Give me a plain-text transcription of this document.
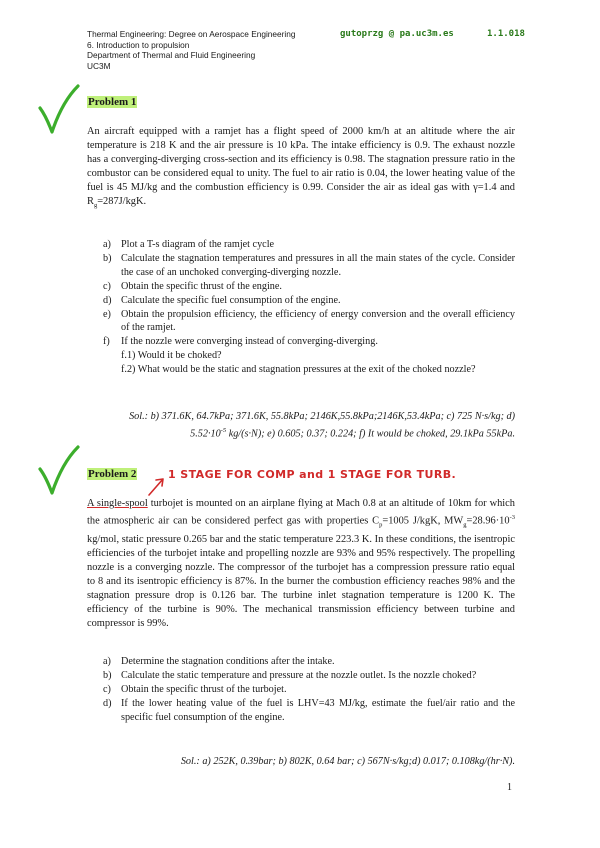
Thermal Engineering: Degree on Aerospace Engineering
6. Introduction to propulsion
Department of Thermal and Fluid Engineering
UC3M
gutoprzg @ pa.uc3m.es	1.1.018
Problem 1
An aircraft equipped with a ramjet has a flight speed of 2000 km/h at an altitude where the air temperature is 218 K and the air pressure is 10 kPa. The intake efficiency is 0.9. The exhaust nozzle has a converging-diverging cross-section and its efficiency is 0.98. The stagnation pressure ratio in the combustor can be considered equal to unity. The fuel to air ratio is 0.04, the lower heating value of the fuel is 45 MJ/kg and the combustion efficiency is 0.99. Consider the air as ideal gas with γ=1.4 and $R_g=287J$/kgK.
a) Plot a T-s diagram of the ramjet cycle
b) Calculate the stagnation temperatures and pressures in all the main states of the cycle. Consider the case of an unchoked converging-diverging nozzle.
c) Obtain the specific thrust of the engine.
d) Calculate the specific fuel consumption of the engine.
e) Obtain the propulsion efficiency, the efficiency of energy conversion and the overall efficiency of the ramjet.
f)	If the nozzle were converging instead of converging-diverging.
f.1) Would it be choked?
f.2) What would be the static and stagnation pressures at the exit of the choked nozzle?
Sol.: b) 371.6K, 64.7kPa; 371.6K, 55.8kPa; 2146K,55.8kPa;2146K,53.4kPa; c) 725 N·s/kg; d) $5.52\cdot 10^{-5}$ kg/(s·N); e) 0.605; 0.37; 0.224; f) It would be choked, 29.1kPa 55kPa.
Problem 2	1 STAGE FOR COMP and 1 STAGE FOR TURB.
A single-spool turbojet is mounted on an airplane flying at Mach 0.8 at an altitude of 10km for which the atmospheric air can be considered perfect gas with properties $C_p=1005$ J/kgK, $MW_g=28.96\cdot 10^{-3}$ kg/mol, static pressure 0.265 bar and the static temperature 223.3 K. In these conditions, the isentropic efficiencies of the turbojet intake and propelling nozzle are 93% and 95% respectively. The propelling nozzle is a converging nozzle. The compressor of the turbojet has a compression pressure ratio equal to 8 and its isentropic efficiency is 87%. In the burner the combustion efficiency reaches 98% and the stagnation pressure drop is 0.126 bar. The turbine inlet stagnation temperature is 1200 K. The efficiency of the turbine is 90%. The mechanical transmission efficiency between turbine and compressor is 99%.
a) Determine the stagnation conditions after the intake.
b) Calculate the static temperature and pressure at the nozzle outlet. Is the nozzle choked?
c) Obtain the specific thrust of the turbojet.
d) If the lower heating value of the fuel is LHV=43 MJ/kg, estimate the fuel/air ratio and the specific fuel consumption of the engine.
Sol.: a) 252K, 0.39bar; b) 802K, 0.64 bar; c) 567N·s/kg;d) 0.017; 0.108kg/(hr·N).
1
